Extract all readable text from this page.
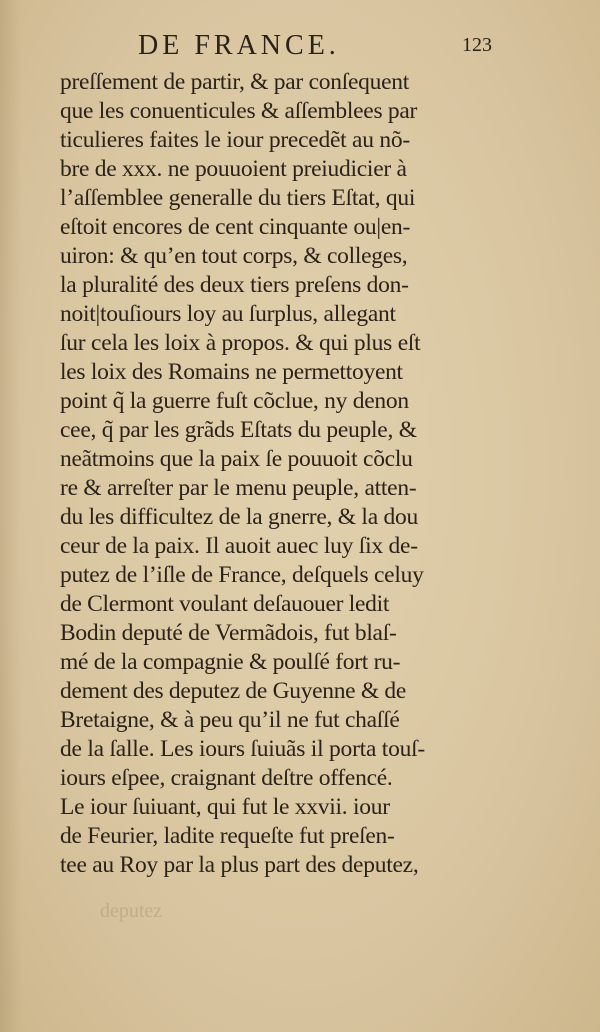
DE FRANCE.	123
preſſement de partir, & par conſequent
que les conuenticules & aſſemblees par
ticulieres faites le iour precedẽt au nõ-
bre de xxx. ne pouuoient preiudicier à
l’aſſemblee generalle du tiers Eſtat, qui
eſtoit encores de cent cinquante ou|en-
uiron: & qu’en tout corps, & colleges,
la pluralité des deux tiers preſens don-
noit|touſiours loy au ſurplus, allegant
ſur cela les loix à propos. & qui plus eſt
les loix des Romains ne permettoyent
point q̃ la guerre fuſt cõclue, ny denon
cee, q̃ par les grãds Eſtats du peuple, &
neãtmoins que la paix ſe pouuoit cõclu
re & arreſter par le menu peuple, atten-
du les difficultez de la gnerre, & la dou
ceur de la paix. Il auoit auec luy ſix de-
putez de l’iſle de France, deſquels celuy
de Clermont voulant deſauouer ledit
Bodin deputé de Vermãdois, fut blaſ-
mé de la compagnie & poulſé fort ru-
dement des deputez de Guyenne & de
Bretaigne, & à peu qu’il ne fut chaſſé
de la ſalle. Les iours ſuiuãs il porta touſ-
iours eſpee, craignant deſtre offencé.
Le iour ſuiuant, qui fut le xxvii. iour
de Feurier, ladite requeſte fut preſen-
tee au Roy par la plus part des deputez,
deputez
